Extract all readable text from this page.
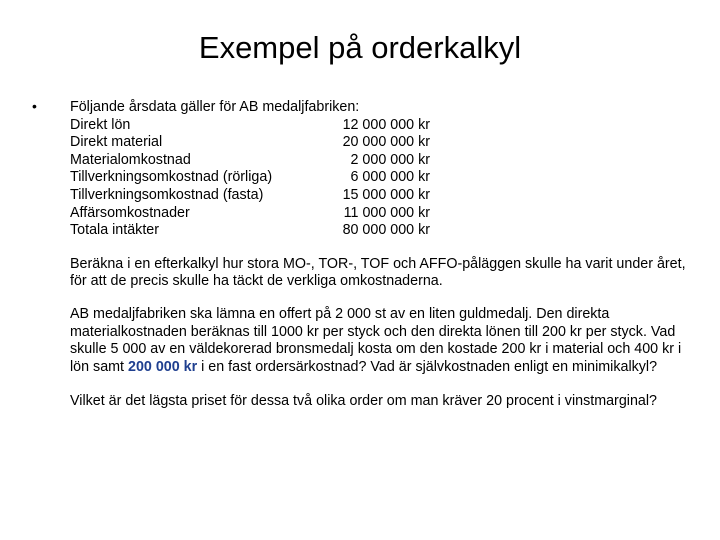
Exempel på orderkalkyl
• Följande årsdata gäller för AB medaljfabriken:

Direkt lön	12 000 000 kr
Direkt material	20 000 000 kr
Materialomkostnad	2 000 000 kr
Tillverkningsomkostnad (rörliga)	6 000 000 kr
Tillverkningsomkostnad (fasta)	15 000 000 kr
Affärsomkostnader	11 000 000 kr
Totala intäkter	80 000 000 kr

Beräkna i en efterkalkyl hur stora MO-, TOR-, TOF och AFFO-påläggen skulle ha varit under året, för att de precis skulle ha täckt de verkliga omkostnaderna.

AB medaljfabriken ska lämna en offert på 2 000 st av en liten guldmedalj. Den direkta materialkostnaden beräknas till 1000 kr per styck och den direkta lönen till 200 kr per styck. Vad skulle 5 000 av en väldekorerad bronsmedalj kosta om den kostade 200 kr i material och 400 kr i lön samt 200 000 kr i en fast ordersärkostnad? Vad är självkostnaden enligt en minimikalkyl?

Vilket är det lägsta priset för dessa två olika order om man kräver 20 procent i vinstmarginal?
